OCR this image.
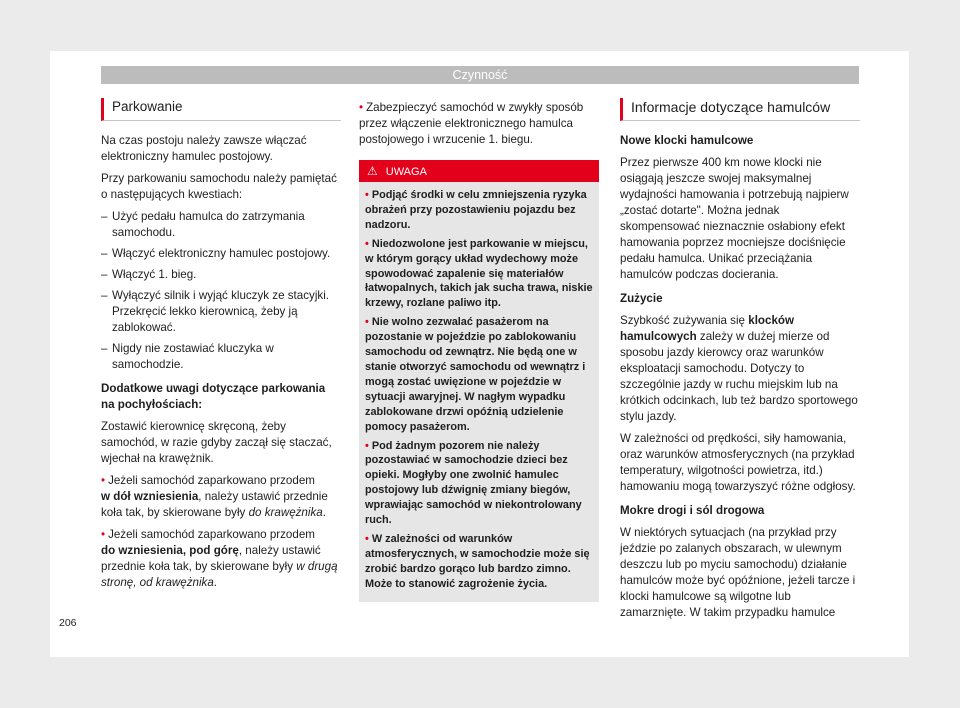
Czynność
Parkowanie

Na czas postoju należy zawsze włączać elektroniczny hamulec postojowy.

Przy parkowaniu samochodu należy pamiętać o następujących kwestiach:

– Użyć pedału hamulca do zatrzymania samochodu.
– Włączyć elektroniczny hamulec postojowy.
– Włączyć 1. bieg.
– Wyłączyć silnik i wyjąć kluczyk ze stacyjki. Przekręcić lekko kierownicą, żeby ją zablokować.
– Nigdy nie zostawiać kluczyka w samochodzie.

Dodatkowe uwagi dotyczące parkowania na pochyłościach:

Zostawić kierownicę skręconą, żeby samochód, w razie gdyby zaczął się staczać, wjechał na krawężnik.

• Jeżeli samochód zaparkowano przodem
w dół wzniesienia, należy ustawić przednie koła tak, by skierowane były do krawężnika.

• Jeżeli samochód zaparkowano przodem
do wzniesienia, pod górę, należy ustawić przednie koła tak, by skierowane były w drugą stronę, od krawężnika.

• Zabezpieczyć samochód w zwykły sposób przez włączenie elektronicznego hamulca postojowego i wrzucenie 1. biegu.

⚠ UWAGA

• Podjąć środki w celu zmniejszenia ryzyka obrażeń przy pozostawieniu pojazdu bez nadzoru.

• Niedozwolone jest parkowanie w miejscu, w którym gorący układ wydechowy może spowodować zapalenie się materiałów łatwopalnych, takich jak sucha trawa, niskie krzewy, rozlane paliwo itp.

• Nie wolno zezwalać pasażerom na pozostanie w pojeździe po zablokowaniu samochodu od zewnątrz. Nie będą one w stanie otworzyć samochodu od wewnątrz i mogą zostać uwięzione w pojeździe w sytuacji awaryjnej. W nagłym wypadku zablokowane drzwi opóźnią udzielenie pomocy pasażerom.

• Pod żadnym pozorem nie należy pozostawiać w samochodzie dzieci bez opieki. Mogłyby one zwolnić hamulec postojowy lub dźwignię zmiany biegów, wprawiając samochód w niekontrolowany ruch.

• W zależności od warunków atmosferycznych, w samochodzie może się zrobić bardzo gorąco lub bardzo zimno. Może to stanowić zagrożenie życia.

Informacje dotyczące hamulców

Nowe klocki hamulcowe

Przez pierwsze 400 km nowe klocki nie osiągają jeszcze swojej maksymalnej wydajności hamowania i potrzebują najpierw „zostać dotarte". Można jednak skompensować nieznacznie osłabiony efekt hamowania poprzez mocniejsze dociśnięcie pedału hamulca. Unikać przeciążania hamulców podczas docierania.

Zużycie

Szybkość zużywania się klocków hamulcowych zależy w dużej mierze od sposobu jazdy kierowcy oraz warunków eksploatacji samochodu. Dotyczy to szczególnie jazdy w ruchu miejskim lub na krótkich odcinkach, lub też bardzo sportowego stylu jazdy.

W zależności od prędkości, siły hamowania, oraz warunków atmosferycznych (na przykład temperatury, wilgotności powietrza, itd.) hamowaniu mogą towarzyszyć różne odgłosy.

Mokre drogi i sól drogowa

W niektórych sytuacjach (na przykład przy jeździe po zalanych obszarach, w ulewnym deszczu lub po myciu samochodu) działanie hamulców może być opóźnione, jeżeli tarcze i klocki hamulcowe są wilgotne lub zamarznięte. W takim przypadku hamulce

206
